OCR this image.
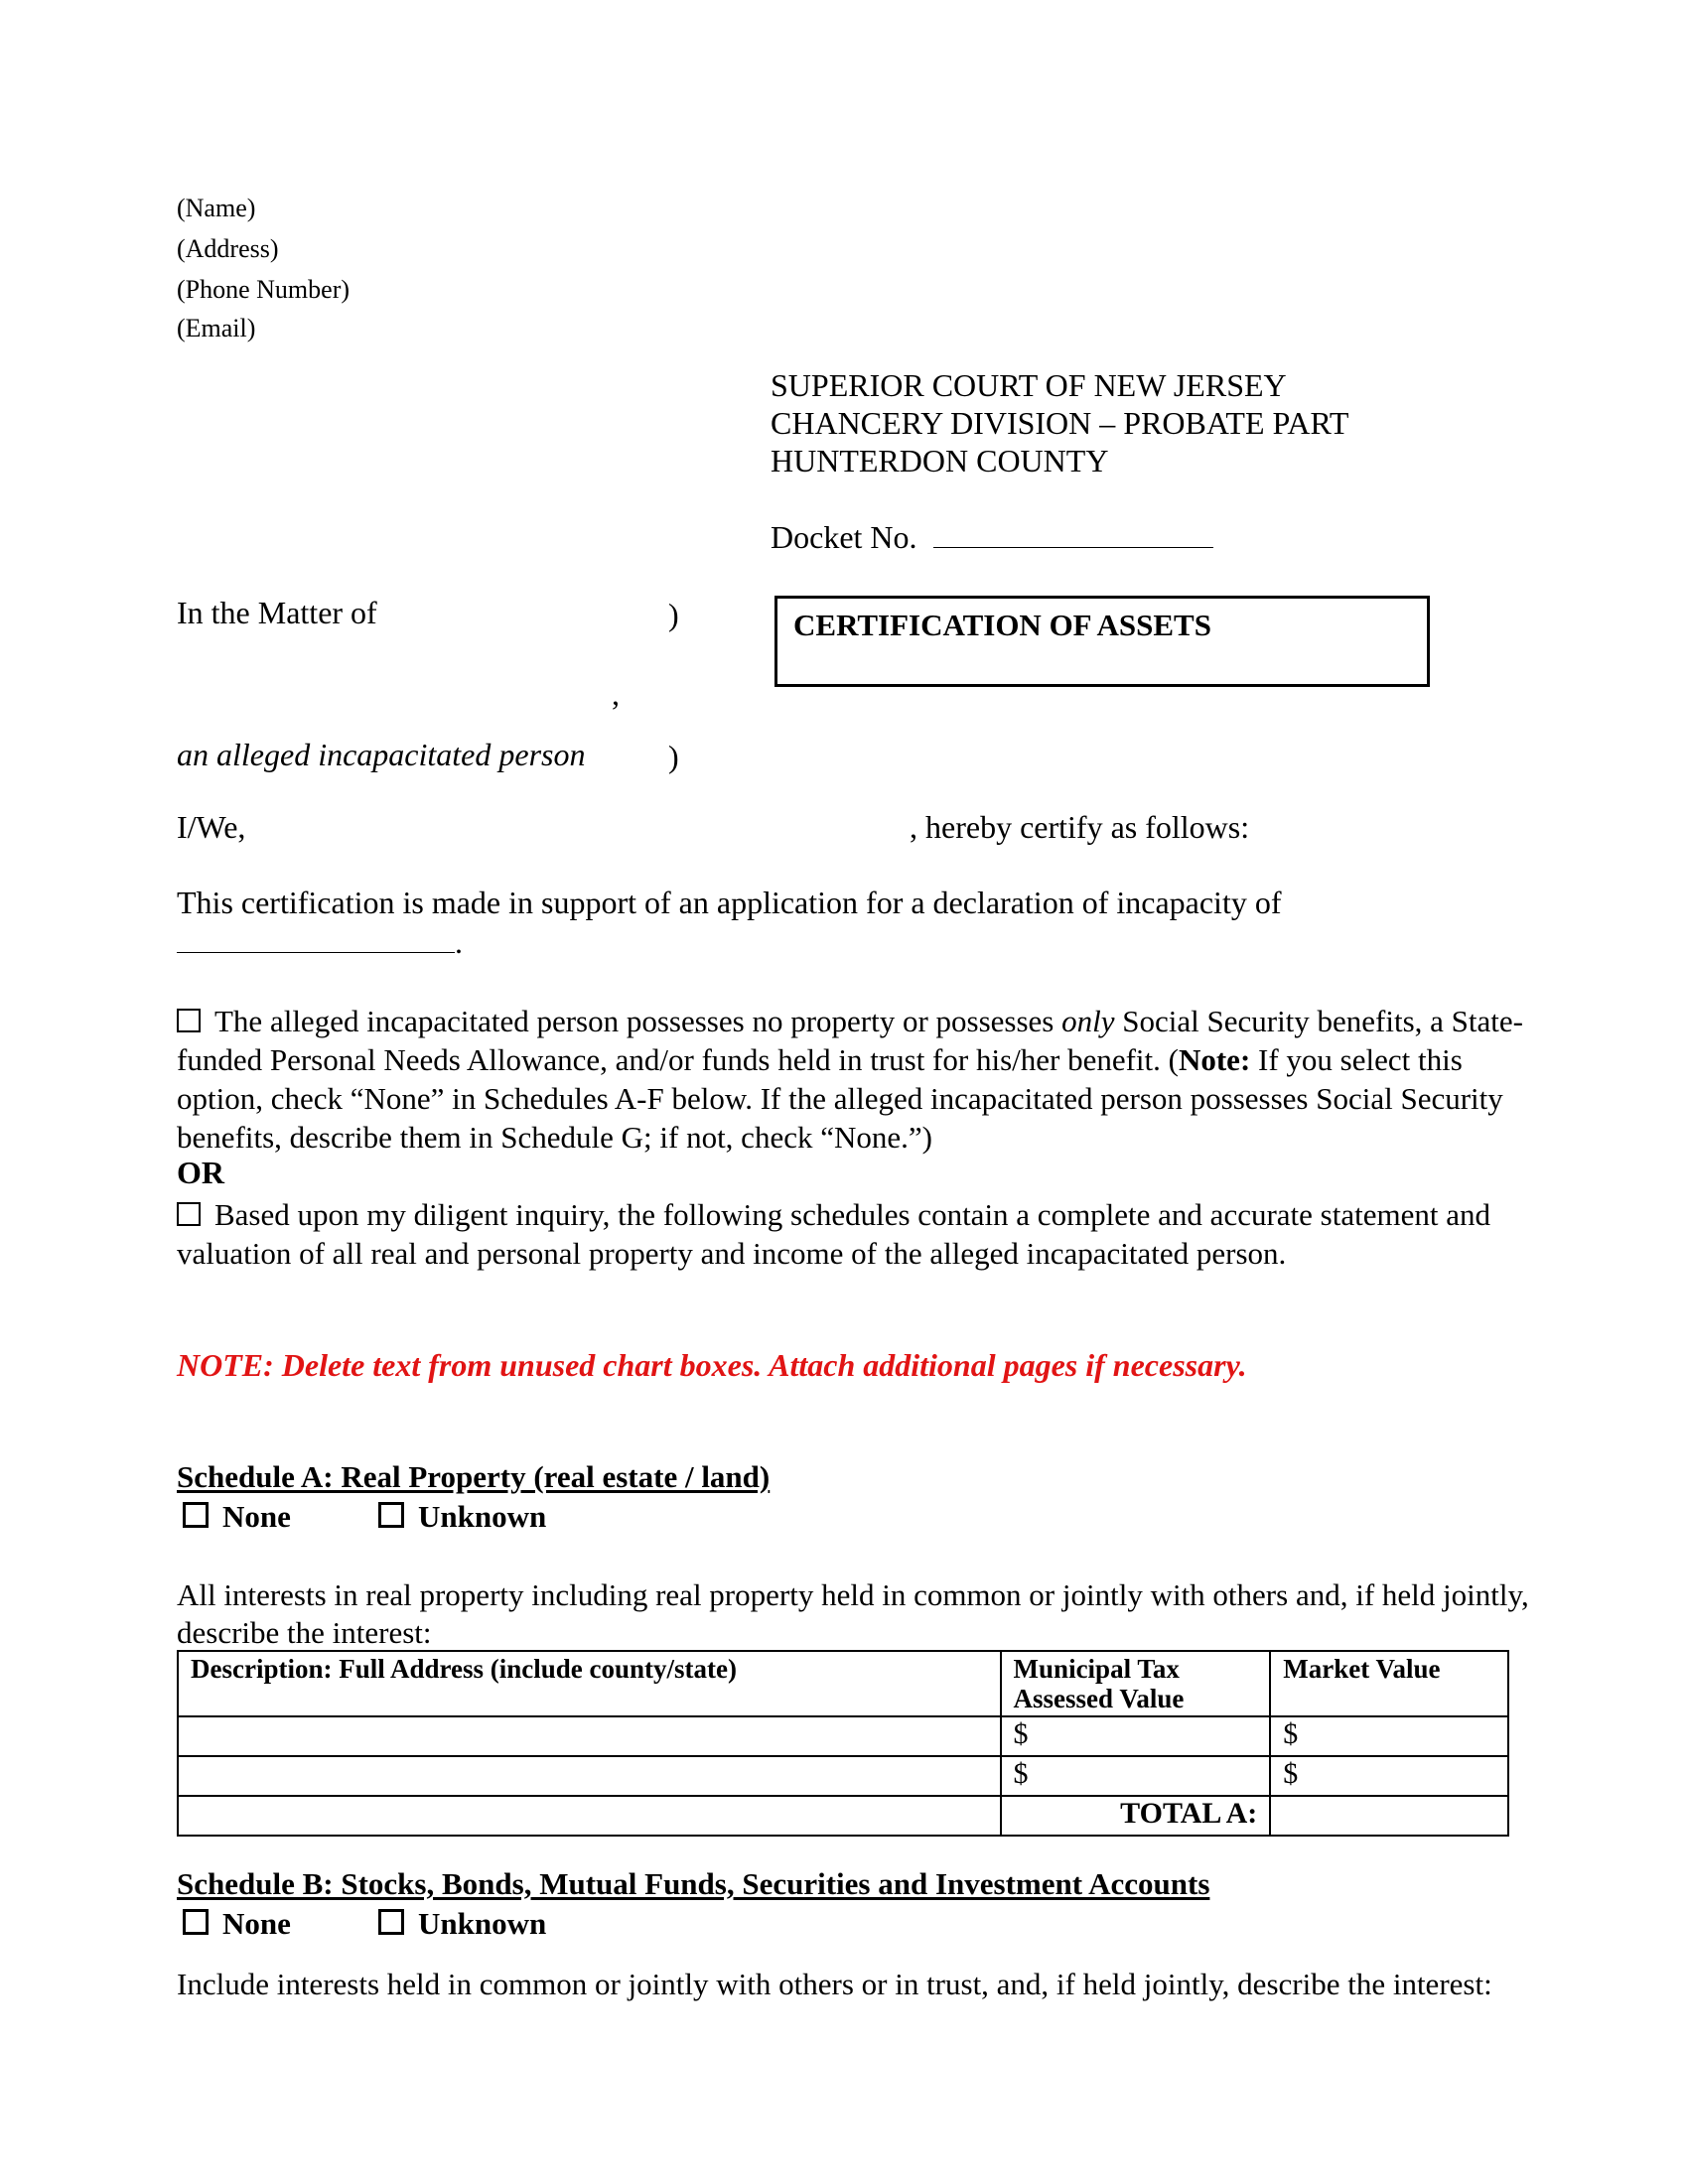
(Name)
(Address)
(Phone Number)
(Email)
SUPERIOR COURT OF NEW JERSEY
CHANCERY DIVISION – PROBATE PART
HUNTERDON COUNTY
Docket No.
In the Matter of	)
,
an alleged incapacitated person	)
CERTIFICATION OF ASSETS
I/We,	, hereby certify as follows:
This certification is made in support of an application for a declaration of incapacity of
.
The alleged incapacitated person possesses no property or possesses only Social Security benefits, a State-funded Personal Needs Allowance, and/or funds held in trust for his/her benefit. (Note: If you select this option, check “None” in Schedules A-F below. If the alleged incapacitated person possesses Social Security benefits, describe them in Schedule G; if not, check “None.”)
OR
Based upon my diligent inquiry, the following schedules contain a complete and accurate statement and valuation of all real and personal property and income of the alleged incapacitated person.
NOTE: Delete text from unused chart boxes. Attach additional pages if necessary.
Schedule A: Real Property (real estate / land)
None	Unknown
All interests in real property including real property held in common or jointly with others and, if held jointly, describe the interest:
Description: Full Address (include county/state)	Municipal Tax Assessed Value	Market Value
	$	$
	$	$
	TOTAL A:	
Schedule B: Stocks, Bonds, Mutual Funds, Securities and Investment Accounts
None	Unknown
Include interests held in common or jointly with others or in trust, and, if held jointly, describe the interest:
